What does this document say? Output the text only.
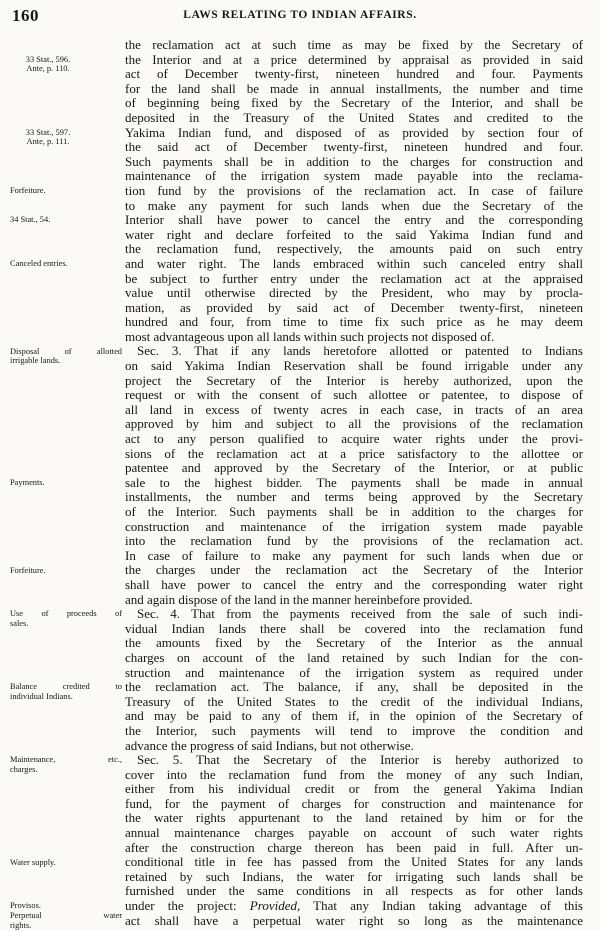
160	LAWS RELATING TO INDIAN AFFAIRS.
the reclamation act at such time as may be fixed by the Secretary of
the Interior and at a price determined by appraisal as provided in said
act of December twenty-first, nineteen hundred and four. Payments
for the land shall be made in annual installments, the number and time
of beginning being fixed by the Secretary of the Interior, and shall be
deposited in the Treasury of the United States and credited to the
Yakima Indian fund, and disposed of as provided by section four of
the said act of December twenty-first, nineteen hundred and four.
Such payments shall be in addition to the charges for construction and
maintenance of the irrigation system made payable into the reclama-
tion fund by the provisions of the reclamation act. In case of failure
to make any payment for such lands when due the Secretary of the
Interior shall have power to cancel the entry and the corresponding
water right and declare forfeited to the said Yakima Indian fund and
the reclamation fund, respectively, the amounts paid on such entry
and water right. The lands embraced within such canceled entry shall
be subject to further entry under the reclamation act at the appraised
value until otherwise directed by the President, who may by procla-
mation, as provided by said act of December twenty-first, nineteen
hundred and four, from time to time fix such price as he may deem
most advantageous upon all lands within such projects not disposed of.
Sec. 3. That if any lands heretofore allotted or patented to Indians
on said Yakima Indian Reservation shall be found irrigable under any
project the Secretary of the Interior is hereby authorized, upon the
request or with the consent of such allottee or patentee, to dispose of
all land in excess of twenty acres in each case, in tracts of an area
approved by him and subject to all the provisions of the reclamation
act to any person qualified to acquire water rights under the provi-
sions of the reclamation act at a price satisfactory to the allottee or
patentee and approved by the Secretary of the Interior, or at public
sale to the highest bidder. The payments shall be made in annual
installments, the number and terms being approved by the Secretary
of the Interior. Such payments shall be in addition to the charges for
construction and maintenance of the irrigation system made payable
into the reclamation fund by the provisions of the reclamation act.
In case of failure to make any payment for such lands when due or
the charges under the reclamation act the Secretary of the Interior
shall have power to cancel the entry and the corresponding water right
and again dispose of the land in the manner hereinbefore provided.
Sec. 4. That from the payments received from the sale of such indi-
vidual Indian lands there shall be covered into the reclamation fund
the amounts fixed by the Secretary of the Interior as the annual
charges on account of the land retained by such Indian for the con-
struction and maintenance of the irrigation system as required under
the reclamation act. The balance, if any, shall be deposited in the
Treasury of the United States to the credit of the individual Indians,
and may be paid to any of them if, in the opinion of the Secretary of
the Interior, such payments will tend to improve the condition and
advance the progress of said Indians, but not otherwise.
Sec. 5. That the Secretary of the Interior is hereby authorized to
cover into the reclamation fund from the money of any such Indian,
either from his individual credit or from the general Yakima Indian
fund, for the payment of charges for construction and maintenance for
the water rights appurtenant to the land retained by him or for the
annual maintenance charges payable on account of such water rights
after the construction charge thereon has been paid in full. After un-
conditional title in fee has passed from the United States for any lands
retained by such Indians, the water for irrigating such lands shall be
furnished under the same conditions in all respects as for other lands
under the project: Provided, That any Indian taking advantage of this
act shall have a perpetual water right so long as the maintenance
33 Stat., 596.
Ante, p. 110.
33 Stat., 597.
Ante, p. 111.
Forfeiture.
34 Stat., 54.
Canceled entries.
Disposal of allotted
irrigable lands.
Payments.
Forfeiture.
Use of proceeds of
sales.
Balance credited to
individual Indians.
Maintenance, etc.,
charges.
Water supply.
Provisos.
Perpetual water
rights.
